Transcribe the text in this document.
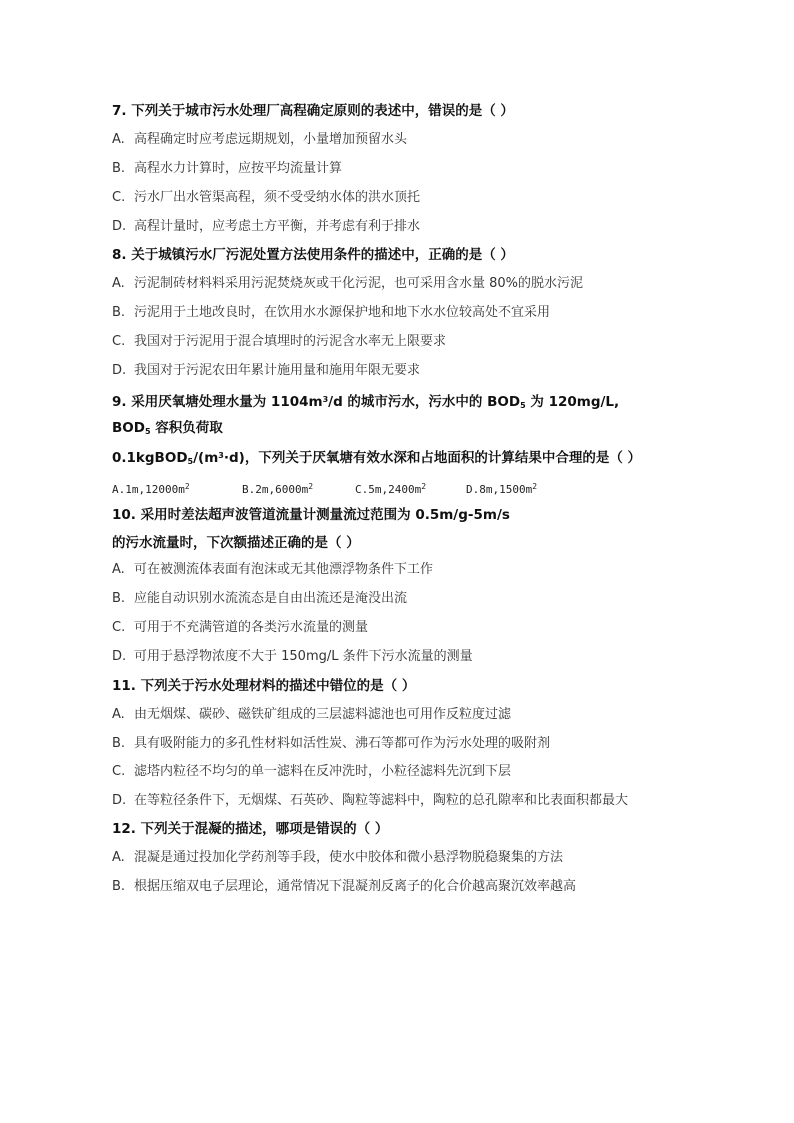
7. 下列关于城市污水处理厂高程确定原则的表述中，错误的是（ ）
A. 高程确定时应考虑远期规划，小量增加预留水头
B. 高程水力计算时，应按平均流量计算
C. 污水厂出水管渠高程，须不受受纳水体的洪水顶托
D. 高程计量时，应考虑土方平衡，并考虑有利于排水
8. 关于城镇污水厂污泥处置方法使用条件的描述中，正确的是（ ）
A. 污泥制砖材料料采用污泥焚烧灰或干化污泥，也可采用含水量 80%的脱水污泥
B. 污泥用于土地改良时，在饮用水水源保护地和地下水水位较高处不宜采用
C. 我国对于污泥用于混合填埋时的污泥含水率无上限要求
D. 我国对于污泥农田年累计施用量和施用年限无要求
9. 采用厌氧塘处理水量为 $1104m^3/d$ 的城市污水，污水中的 $BOD_5$ 为 120mg/L,
$BOD_5$ 容积负荷取
$0.1kgBOD_5/(m^3\cdot d)$，下列关于厌氧塘有效水深和占地面积的计算结果中合理的是（ ）
$A.1m,12000m^2$	$B.2m,6000m^2$	$C.5m,2400m^2$	$D.8m,1500m^2$
10. 采用时差法超声波管道流量计测量流过范围为 0.5m/g-5m/s
的污水流量时，下次额描述正确的是（ ）
A. 可在被测流体表面有泡沫或无其他漂浮物条件下工作
B. 应能自动识别水流流态是自由出流还是淹没出流
C. 可用于不充满管道的各类污水流量的测量
D. 可用于悬浮物浓度不大于 150mg/L 条件下污水流量的测量
11. 下列关于污水处理材料的描述中错位的是（ ）
A. 由无烟煤、碳砂、磁铁矿组成的三层滤料滤池也可用作反粒度过滤
B. 具有吸附能力的多孔性材料如活性炭、沸石等都可作为污水处理的吸附剂
C. 滤塔内粒径不均匀的单一滤料在反冲洗时，小粒径滤料先沉到下层
D. 在等粒径条件下，无烟煤、石英砂、陶粒等滤料中，陶粒的总孔隙率和比表面积都最大
12. 下列关于混凝的描述，哪项是错误的（ ）
A. 混凝是通过投加化学药剂等手段，使水中胶体和微小悬浮物脱稳聚集的方法
B. 根据压缩双电子层理论，通常情况下混凝剂反离子的化合价越高聚沉效率越高
